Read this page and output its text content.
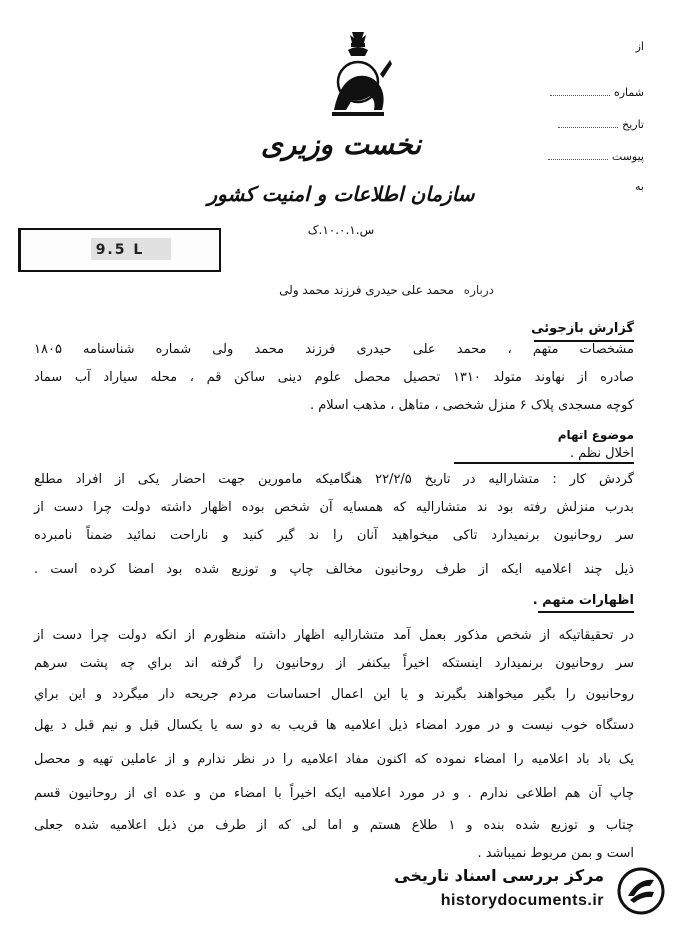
نخست وزیری
سازمان اطلاعات و امنیت کشور
س.۱۰.۰.۱.ک
از
شماره
تاریخ
پیوست
به
9.5 L
درباره محمد علی حیدری فرزند محمد ولی
گزارش بازجوئی
مشخصات متهم ، محمد علی حیدری فرزند محمد ولی شماره شناسنامه ۱۸۰۵
صادره از نهاوند متولد ۱۳۱۰ تحصیل محصل علوم دینی ساکن قم ، محله سیاراد آب سماد
کوچه مسجدی پلاک ۶ منزل شخصی ، متاهل ، مذهب اسلام .
موضوع اتهام
اخلال نظم .
گردش کار : متشاراليه در تاريخ ۲۲/۲/۵ هنگامیکه مامورين جهت احضار يکی از افراد مطلع
بدرب منزلش رفته بود ند متشاراليه که همسايه آن شخص بوده اظهار داشته دولت چرا دست از
سر روحانيون برنميدارد تاکی ميخواهيد آنان را ند گير کنيد و ناراحت نمائيد ضمناً نامبرده
ذيل چند اعلاميه ايکه از طرف روحانيون مخالف چاپ و توزيع شده بود امضا کرده است .
اظهارات متهم .
در تحقيقاتيکه از شخص مذکور بعمل آمد متشاراليه اظهار داشته منظورم از انکه دولت چرا دست از
سر روحانيون برنميدارد اينستکه اخيراً بيکنفر از روحانيون را گرفته اند براي چه پشت سرهم
روحانيون را بگير ميخواهند بگيرند و يا اين اعمال احساسات مردم جريحه دار ميگردد و اين براي
دستگاه خوب نيست و در مورد امضاء ذيل اعلاميه ها قريب به دو سه يا يکسال قبل و نيم قبل د يهل
يک باد باد اعلاميه را امضاء نموده که اکنون مفاد اعلاميه را در نظر ندارم و از عاملين تهيه و محصل
چاپ آن هم اطلاعی ندارم . و در مورد اعلاميه ايکه اخيراً با امضاء من و عده ای از روحانيون قسم
چتاب و توزيع شده بنده و ۱ طلاع هستم و اما لی که از طرف من ذيل اعلاميه شده جعلی
است و بمن مربوط نميباشد .
مرکز بررسی اسناد تاریخی
historydocuments.ir
